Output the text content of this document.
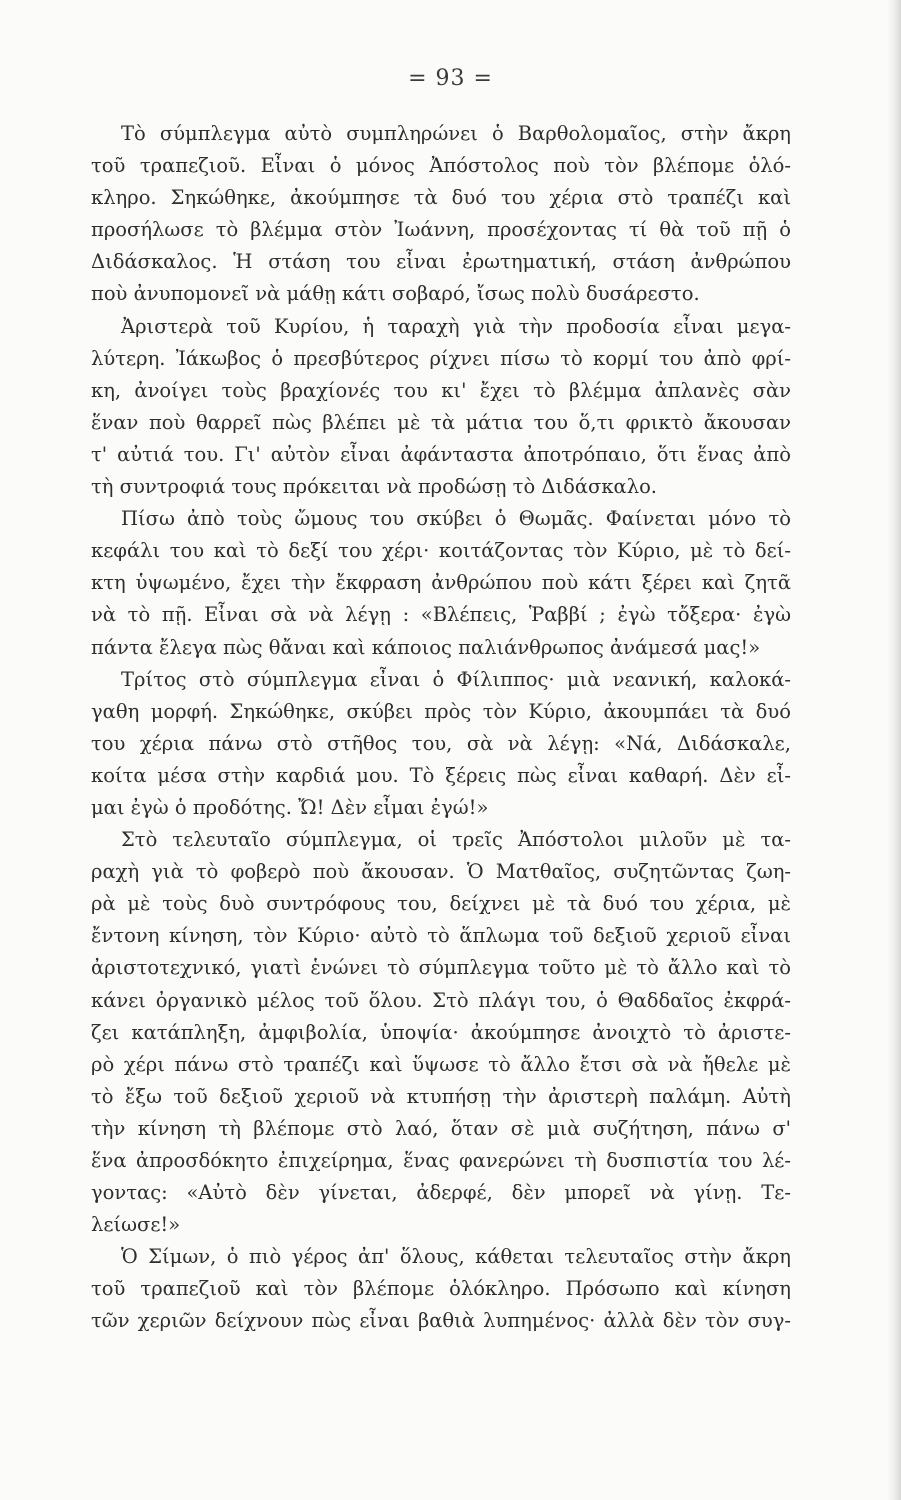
= 93 =
Τὸ σύμπλεγμα αὐτὸ συμπληρώνει ὁ Βαρθολομαῖος, στὴν ἄκρη
τοῦ τραπεζιοῦ. Εἶναι ὁ μόνος Ἀπόστολος ποὺ τὸν βλέπομε ὁλό-
κληρο. Σηκώθηκε, ἀκούμπησε τὰ δυό του χέρια στὸ τραπέζι καὶ
προσήλωσε τὸ βλέμμα στὸν Ἰωάννη, προσέχοντας τί θὰ τοῦ πῇ ὁ
Διδάσκαλος. Ἡ στάση του εἶναι ἐρωτηματική, στάση ἀνθρώπου
ποὺ ἀνυπομονεῖ νὰ μάθῃ κάτι σοβαρό, ἴσως πολὺ δυσάρεστο.
Ἀριστερὰ τοῦ Κυρίου, ἡ ταραχὴ γιὰ τὴν προδοσία εἶναι μεγα-
λύτερη. Ἰάκωβος ὁ πρεσβύτερος ρίχνει πίσω τὸ κορμί του ἀπὸ φρί-
κη, ἀνοίγει τοὺς βραχίονές του κι' ἔχει τὸ βλέμμα ἀπλανὲς σὰν
ἕναν ποὺ θαρρεῖ πὼς βλέπει μὲ τὰ μάτια του ὅ,τι φρικτὸ ἄκουσαν
τ' αὐτιά του. Γι' αὐτὸν εἶναι ἀφάνταστα ἀποτρόπαιο, ὅτι ἕνας ἀπὸ
τὴ συντροφιά τους πρόκειται νὰ προδώσῃ τὸ Διδάσκαλο.
Πίσω ἀπὸ τοὺς ὤμους του σκύβει ὁ Θωμᾶς. Φαίνεται μόνο τὸ
κεφάλι του καὶ τὸ δεξί του χέρι· κοιτάζοντας τὸν Κύριο, μὲ τὸ δεί-
κτη ὑψωμένο, ἔχει τὴν ἔκφραση ἀνθρώπου ποὺ κάτι ξέρει καὶ ζητᾶ
νὰ τὸ πῇ. Εἶναι σὰ νὰ λέγῃ : «Βλέπεις, Ῥαββί ; ἐγὼ τὄξερα· ἐγὼ
πάντα ἔλεγα πὼς θἄναι καὶ κάποιος παλιάνθρωπος ἀνάμεσά μας!»
Τρίτος στὸ σύμπλεγμα εἶναι ὁ Φίλιππος· μιὰ νεανική, καλοκά-
γαθη μορφή. Σηκώθηκε, σκύβει πρὸς τὸν Κύριο, ἀκουμπάει τὰ δυό
του χέρια πάνω στὸ στῆθος του, σὰ νὰ λέγῃ: «Νά, Διδάσκαλε,
κοίτα μέσα στὴν καρδιά μου. Τὸ ξέρεις πὼς εἶναι καθαρή. Δὲν εἶ-
μαι ἐγὼ ὁ προδότης. Ὤ! Δὲν εἶμαι ἐγώ!»
Στὸ τελευταῖο σύμπλεγμα, οἱ τρεῖς Ἀπόστολοι μιλοῦν μὲ τα-
ραχὴ γιὰ τὸ φοβερὸ ποὺ ἄκουσαν. Ὁ Ματθαῖος, συζητῶντας ζωη-
ρὰ μὲ τοὺς δυὸ συντρόφους του, δείχνει μὲ τὰ δυό του χέρια, μὲ
ἔντονη κίνηση, τὸν Κύριο· αὐτὸ τὸ ἅπλωμα τοῦ δεξιοῦ χεριοῦ εἶναι
ἀριστοτεχνικό, γιατὶ ἑνώνει τὸ σύμπλεγμα τοῦτο μὲ τὸ ἄλλο καὶ τὸ
κάνει ὀργανικὸ μέλος τοῦ ὅλου. Στὸ πλάγι του, ὁ Θαδδαῖος ἐκφρά-
ζει κατάπληξη, ἀμφιβολία, ὑποψία· ἀκούμπησε ἀνοιχτὸ τὸ ἀριστε-
ρὸ χέρι πάνω στὸ τραπέζι καὶ ὕψωσε τὸ ἄλλο ἔτσι σὰ νὰ ἤθελε μὲ
τὸ ἔξω τοῦ δεξιοῦ χεριοῦ νὰ κτυπήσῃ τὴν ἀριστερὴ παλάμη. Αὐτὴ
τὴν κίνηση τὴ βλέπομε στὸ λαό, ὅταν σὲ μιὰ συζήτηση, πάνω σ'
ἕνα ἀπροσδόκητο ἐπιχείρημα, ἕνας φανερώνει τὴ δυσπιστία του λέ-
γοντας: «Αὐτὸ δὲν γίνεται, ἀδερφέ, δὲν μπορεῖ νὰ γίνῃ. Τε-
λείωσε!»
Ὁ Σίμων, ὁ πιὸ γέρος ἀπ' ὅλους, κάθεται τελευταῖος στὴν ἄκρη
τοῦ τραπεζιοῦ καὶ τὸν βλέπομε ὁλόκληρο. Πρόσωπο καὶ κίνηση
τῶν χεριῶν δείχνουν πὼς εἶναι βαθιὰ λυπημένος· ἀλλὰ δὲν τὸν συγ-
